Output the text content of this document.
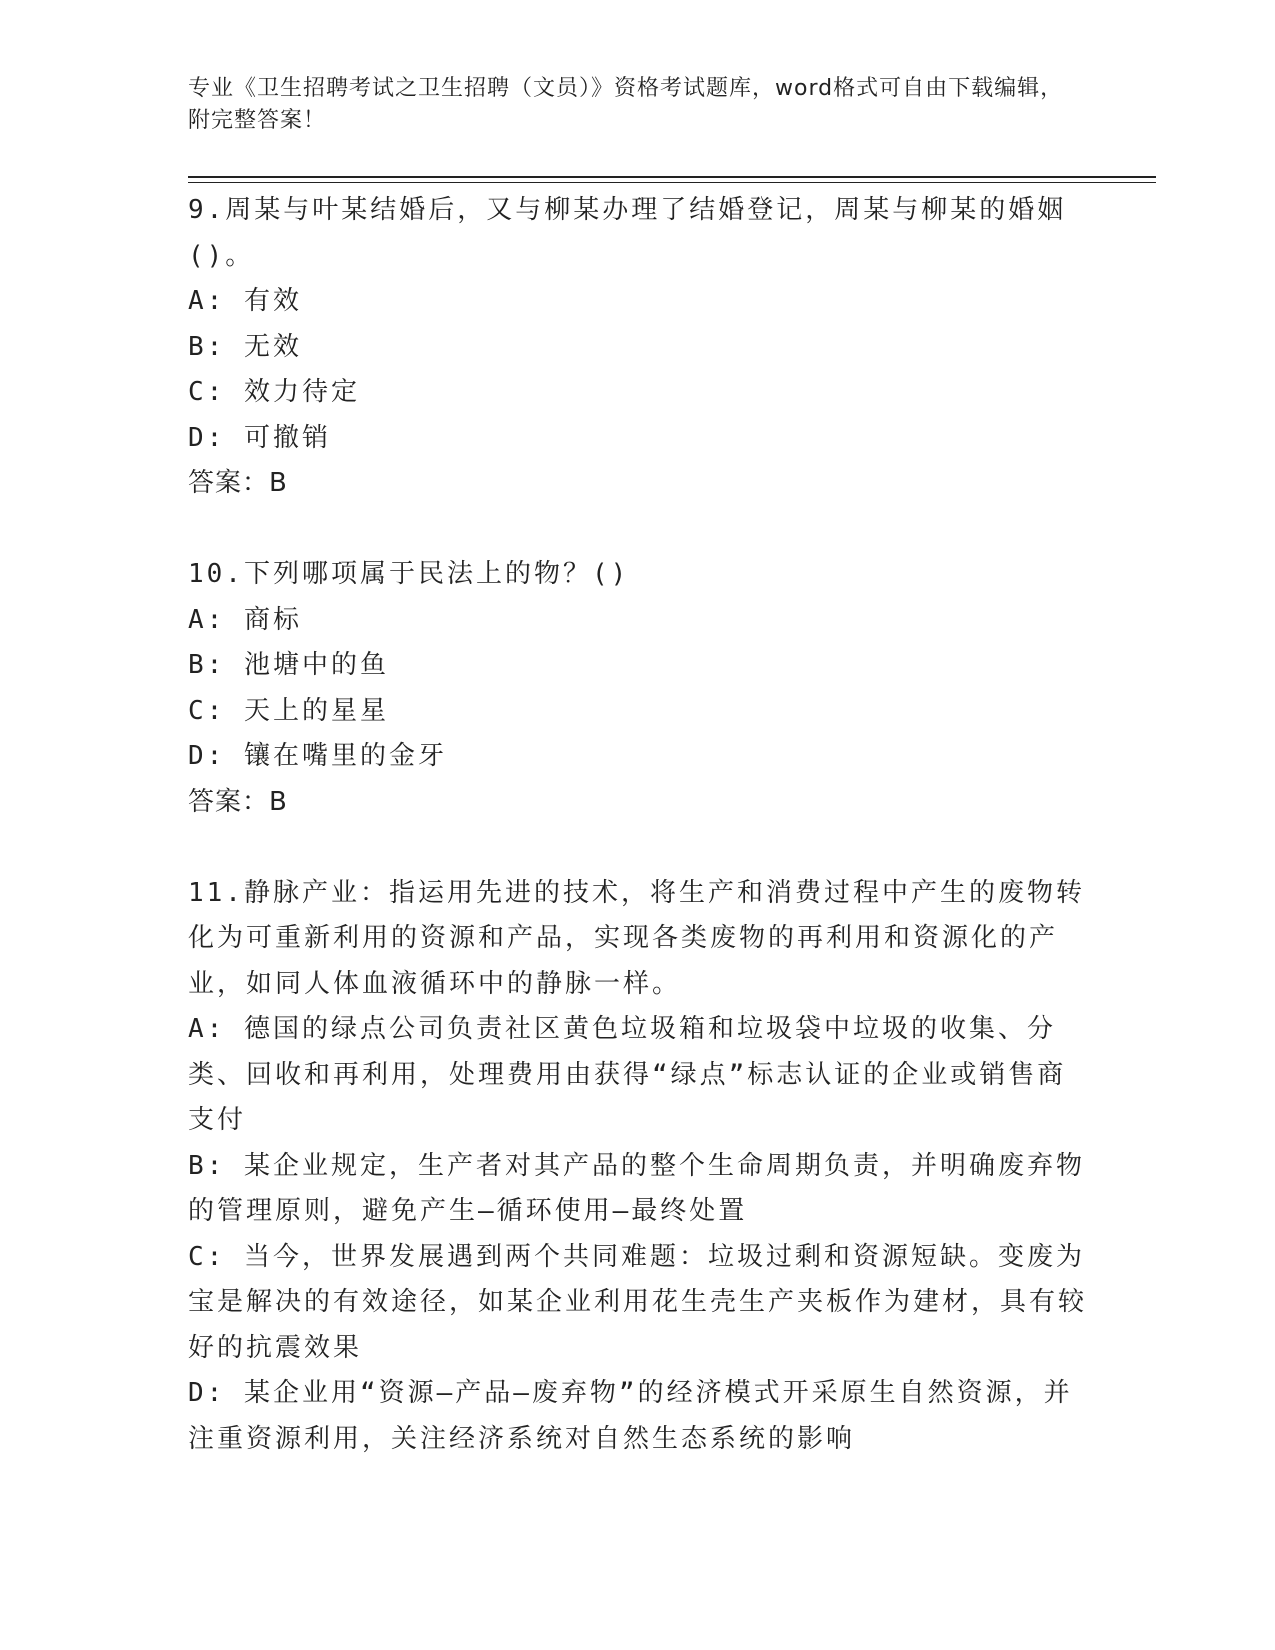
专业《卫生招聘考试之卫生招聘（文员）》资格考试题库，word格式可自由下载编辑，附完整答案！

9.周某与叶某结婚后，又与柳某办理了结婚登记，周某与柳某的婚姻()。

A: 有效

B: 无效

C: 效力待定

D: 可撤销

答案：B

10.下列哪项属于民法上的物？()

A: 商标

B: 池塘中的鱼

C: 天上的星星

D: 镶在嘴里的金牙

答案：B

11.静脉产业：指运用先进的技术，将生产和消费过程中产生的废物转化为可重新利用的资源和产品，实现各类废物的再利用和资源化的产业，如同人体血液循环中的静脉一样。

A: 德国的绿点公司负责社区黄色垃圾箱和垃圾袋中垃圾的收集、分类、回收和再利用，处理费用由获得“绿点”标志认证的企业或销售商支付

B: 某企业规定，生产者对其产品的整个生命周期负责，并明确废弃物的管理原则，避免产生—循环使用—最终处置

C: 当今，世界发展遇到两个共同难题：垃圾过剩和资源短缺。变废为宝是解决的有效途径，如某企业利用花生壳生产夹板作为建材，具有较好的抗震效果

D: 某企业用“资源—产品—废弃物”的经济模式开采原生自然资源，并注重资源利用，关注经济系统对自然生态系统的影响
